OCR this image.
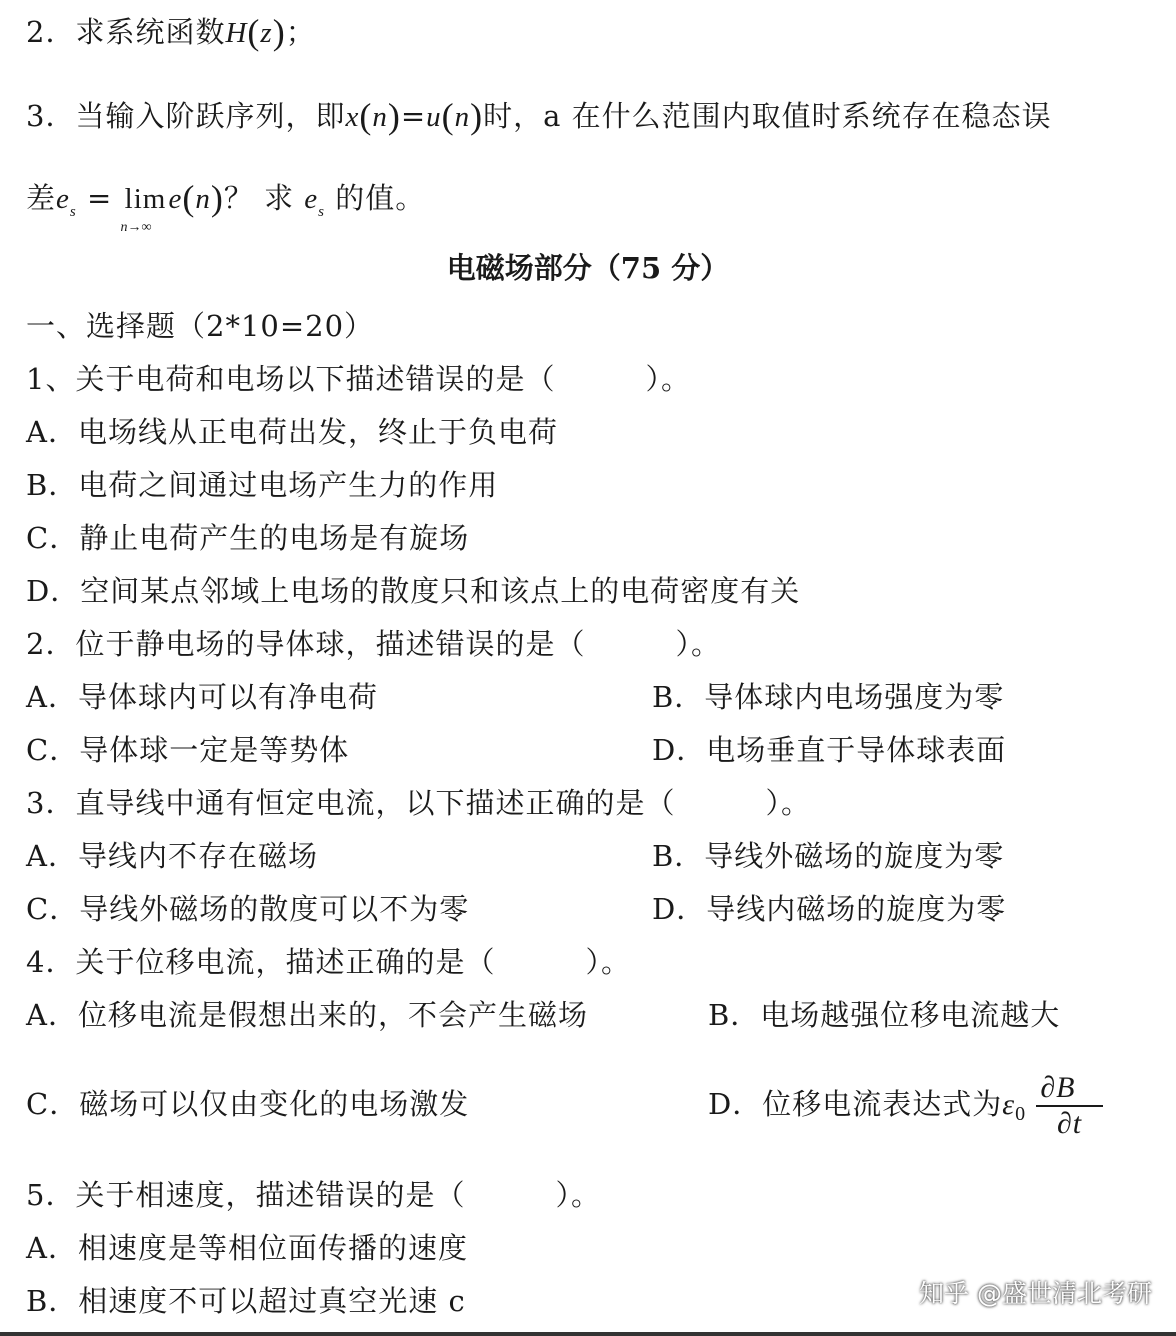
2．求系统函数H(z)；
3．当输入阶跃序列，即x(n)=u(n)时，a 在什么范围内取值时系统存在稳态误
差$e_s = \lim$
n→∞
e(n)？ 求 $e_s$ 的值。
电磁场部分（75 分）
一、选择题（2*10=20）
1、关于电荷和电场以下描述错误的是（　　　）。
A．电场线从正电荷出发，终止于负电荷
B．电荷之间通过电场产生力的作用
C．静止电荷产生的电场是有旋场
D．空间某点邻域上电场的散度只和该点上的电荷密度有关
2．位于静电场的导体球，描述错误的是（　　　）。
A．导体球内可以有净电荷	B．导体球内电场强度为零
C．导体球一定是等势体	D．电场垂直于导体球表面
3．直导线中通有恒定电流，以下描述正确的是（　　　）。
A．导线内不存在磁场	B．导线外磁场的旋度为零
C．导线外磁场的散度可以不为零	D．导线内磁场的旋度为零
4．关于位移电流，描述正确的是（　　　）。
A．位移电流是假想出来的，不会产生磁场	B．电场越强位移电流越大
C．磁场可以仅由变化的电场激发	D．位移电流表达式为$\varepsilon_0 \frac{\partial B⃗}{\partial t}$
5．关于相速度，描述错误的是（　　　）。
A．相速度是等相位面传播的速度
B．相速度不可以超过真空光速 c	知乎 @盛世清北考研
